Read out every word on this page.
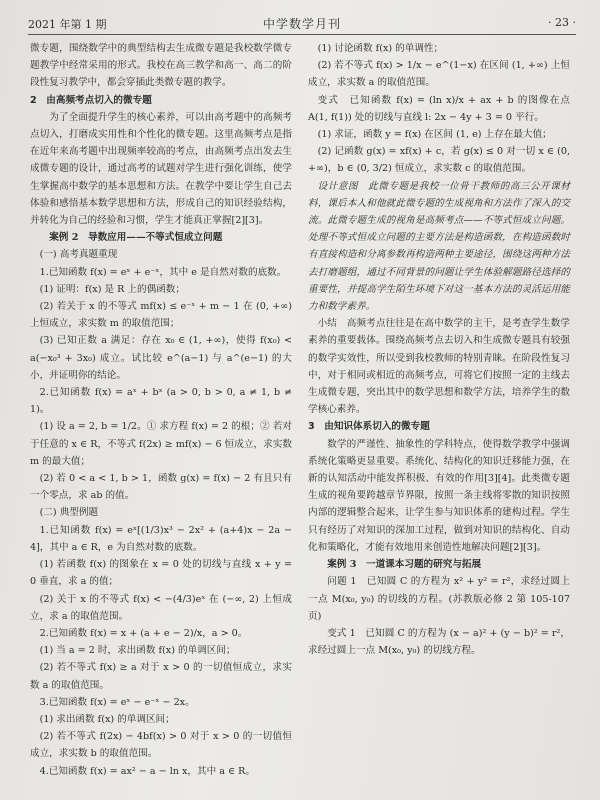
2021 年第 1 期	中学数学月刊	· 23 ·

微专题，围绕数学中的典型结构去生成微专题是我校数学微专题教学中经常采用的形式。我校在高三教学和高一、高二的阶段性复习教学中，都会穿插此类微专题的教学。

2　由高频考点切入的微专题

为了全面提升学生的核心素养，可以由高考题中的高频考点切入，打磨成实用性和个性化的微专题。这里高频考点是指在近年来高考题中出现频率较高的考点，由高频考点出发去生成微专题的设计，通过高考的试题对学生进行强化训练，使学生掌握高中数学的基本思想和方法。在教学中要让学生自己去体验和感悟基本数学思想和方法，形成自己的知识经验结构，并转化为自己的经验和习惯，学生才能真正掌握[2][3]。

案例 2　导数应用——不等式恒成立问题

(一) 高考真题重现

1.已知函数 f(x) = eˣ + e⁻ˣ，其中 e 是自然对数的底数。

(1) 证明：f(x) 是 R 上的偶函数；

(2) 若关于 x 的不等式 mf(x) ≤ e⁻ˣ + m − 1 在 (0, +∞) 上恒成立，求实数 m 的取值范围；

(3) 已知正数 a 满足：存在 x₀ ∈ (1, +∞)，使得 f(x₀) < a(−x₀³ + 3x₀) 成立。试比较 e^(a−1) 与 a^(e−1) 的大小，并证明你的结论。

2.已知函数 f(x) = aˣ + bˣ (a > 0, b > 0, a ≠ 1, b ≠ 1)。

(1) 设 a = 2, b = 1/2。① 求方程 f(x) = 2 的根；② 若对于任意的 x ∈ R，不等式 f(2x) ≥ mf(x) − 6 恒成立，求实数 m 的最大值；

(2) 若 0 < a < 1, b > 1，函数 g(x) = f(x) − 2 有且只有一个零点，求 ab 的值。

(二) 典型例题

1.已知函数 f(x) = eˣ[(1/3)x³ − 2x² + (a+4)x − 2a − 4]，其中 a ∈ R，e 为自然对数的底数。

(1) 若函数 f(x) 的图象在 x = 0 处的切线与直线 x + y = 0 垂直，求 a 的值；

(2) 关于 x 的不等式 f(x) < −(4/3)eˣ 在 (−∞, 2) 上恒成立，求 a 的取值范围。

2.已知函数 f(x) = x + (a + e − 2)/x，a > 0。

(1) 当 a = 2 时，求出函数 f(x) 的单调区间；

(2) 若不等式 f(x) ≥ a 对于 x > 0 的一切值恒成立，求实数 a 的取值范围。

3.已知函数 f(x) = eˣ − e⁻ˣ − 2x。

(1) 求出函数 f(x) 的单调区间；

(2) 若不等式 f(2x) − 4bf(x) > 0 对于 x > 0 的一切值恒成立，求实数 b 的取值范围。

4.已知函数 f(x) = ax² − a − ln x，其中 a ∈ R。

(1) 讨论函数 f(x) 的单调性；

(2) 若不等式 f(x) > 1/x − e^(1−x) 在区间 (1, +∞) 上恒成立，求实数 a 的取值范围。

变式　已知函数 f(x) = (ln x)/x + ax + b 的图像在点 A(1, f(1)) 处的切线与直线 l: 2x − 4y + 3 = 0 平行。

(1) 求证，函数 y = f(x) 在区间 (1, e) 上存在最大值；

(2) 记函数 g(x) = xf(x) + c，若 g(x) ≤ 0 对一切 x ∈ (0, +∞)，b ∈ (0, 3/2) 恒成立，求实数 c 的取值范围。

设计意图　此微专题是我校一位骨干教师的高三公开课材料，课后本人和他就此微专题的生成视角和方法作了深入的交流。此微专题生成的视角是高频考点——不等式恒成立问题。处理不等式恒成立问题的主要方法是构造函数，在构造函数时有直接构造和分离参数再构造两种主要途径，围绕这两种方法去打磨题组，通过不同背景的问题让学生体验解题路径选择的重要性，并提高学生陌生环境下对这一基本方法的灵活运用能力和数学素养。

小结　高频考点往往是在高中数学的主干，是考查学生数学素养的重要载体。围绕高频考点去切入和生成微专题具有较强的数学实效性，所以受到我校教师的特别青睐。在阶段性复习中，对于相同或相近的高频考点，可将它们按照一定的主线去生成微专题，突出其中的数学思想和数学方法，培养学生的数学核心素养。

3　由知识体系切入的微专题

数学的严谨性、抽象性的学科特点，使得数学教学中强调系统化策略更显重要。系统化、结构化的知识迁移能力强，在新的认知活动中能发挥积极、有效的作用[3][4]。此类微专题生成的视角要跨越章节界限，按照一条主线将零散的知识按照内部的逻辑整合起来，让学生参与知识体系的建构过程。学生只有经历了对知识的深加工过程，做到对知识的结构化、自动化和策略化，才能有效地用来创造性地解决问题[2][3]。

案例 3　一道课本习题的研究与拓展

问题 1　已知圆 C 的方程为 x² + y² = r²，求经过圆上一点 M(x₀, y₀) 的切线的方程。(苏教版必修 2 第 105-107 页)

变式 1　已知圆 C 的方程为 (x − a)² + (y − b)² = r²，求经过圆上一点 M(x₀, y₀) 的切线方程。
